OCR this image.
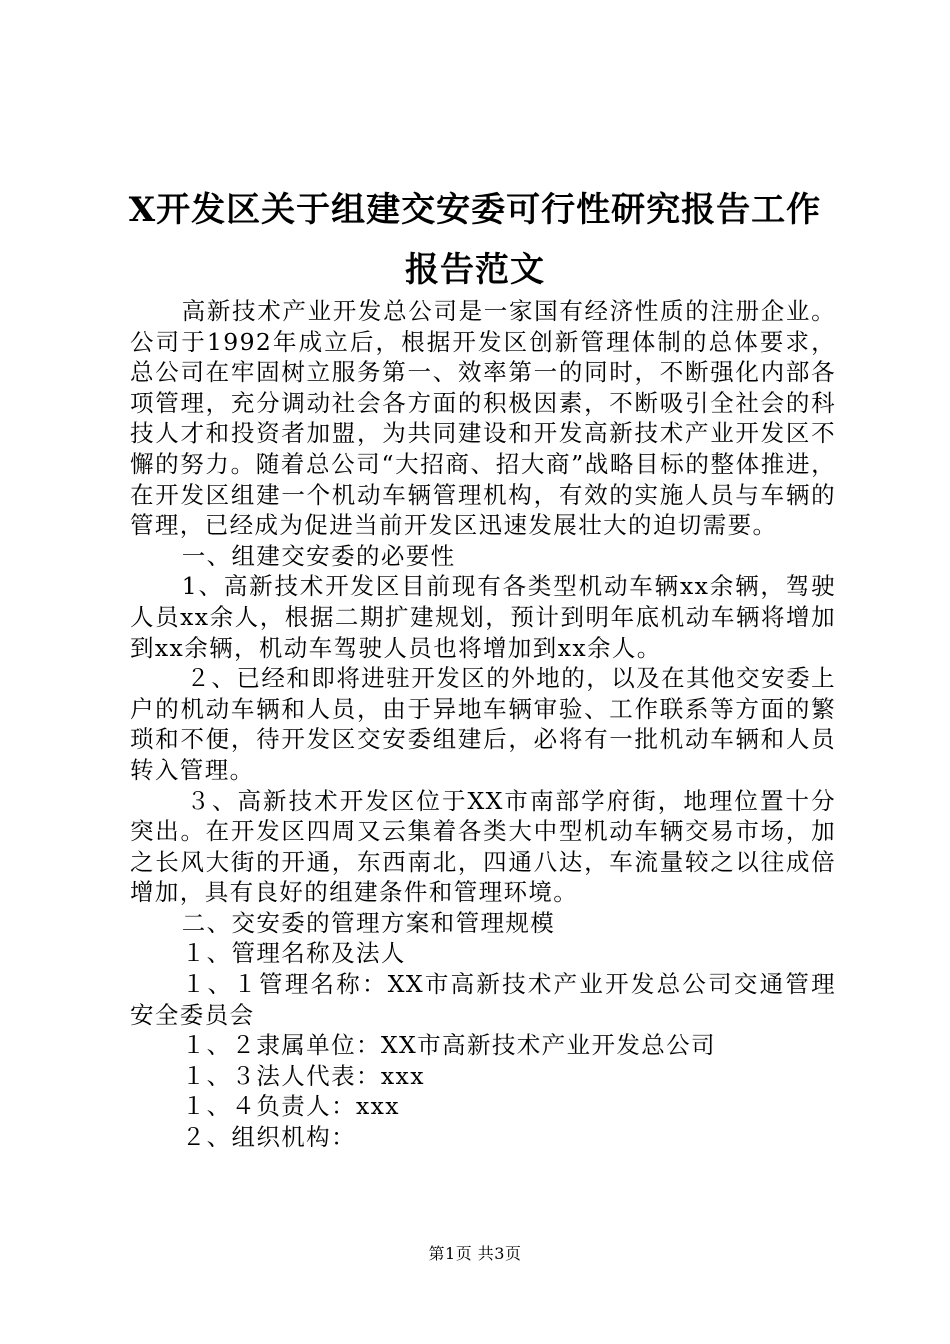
X开发区关于组建交安委可行性研究报告工作
报告范文

高新技术产业开发总公司是一家国有经济性质的注册企业。公司于1992年成立后，根据开发区创新管理体制的总体要求，总公司在牢固树立服务第一、效率第一的同时，不断强化内部各项管理，充分调动社会各方面的积极因素，不断吸引全社会的科技人才和投资者加盟，为共同建设和开发高新技术产业开发区不懈的努力。随着总公司“大招商、招大商”战略目标的整体推进，在开发区组建一个机动车辆管理机构，有效的实施人员与车辆的管理，已经成为促进当前开发区迅速发展壮大的迫切需要。

一、组建交安委的必要性

1、高新技术开发区目前现有各类型机动车辆xx余辆，驾驶人员xx余人，根据二期扩建规划，预计到明年底机动车辆将增加到xx余辆，机动车驾驶人员也将增加到xx余人。

２、已经和即将进驻开发区的外地的，以及在其他交安委上户的机动车辆和人员，由于异地车辆审验、工作联系等方面的繁琐和不便，待开发区交安委组建后，必将有一批机动车辆和人员转入管理。

３、高新技术开发区位于XX市南部学府街，地理位置十分突出。在开发区四周又云集着各类大中型机动车辆交易市场，加之长风大街的开通，东西南北，四通八达，车流量较之以往成倍增加，具有良好的组建条件和管理环境。

二、交安委的管理方案和管理规模

１、管理名称及法人

１、１管理名称：XX市高新技术产业开发总公司交通管理安全委员会

１、２隶属单位：XX市高新技术产业开发总公司

１、３法人代表：xxx

１、４负责人：xxx

２、组织机构：

第1页 共3页
